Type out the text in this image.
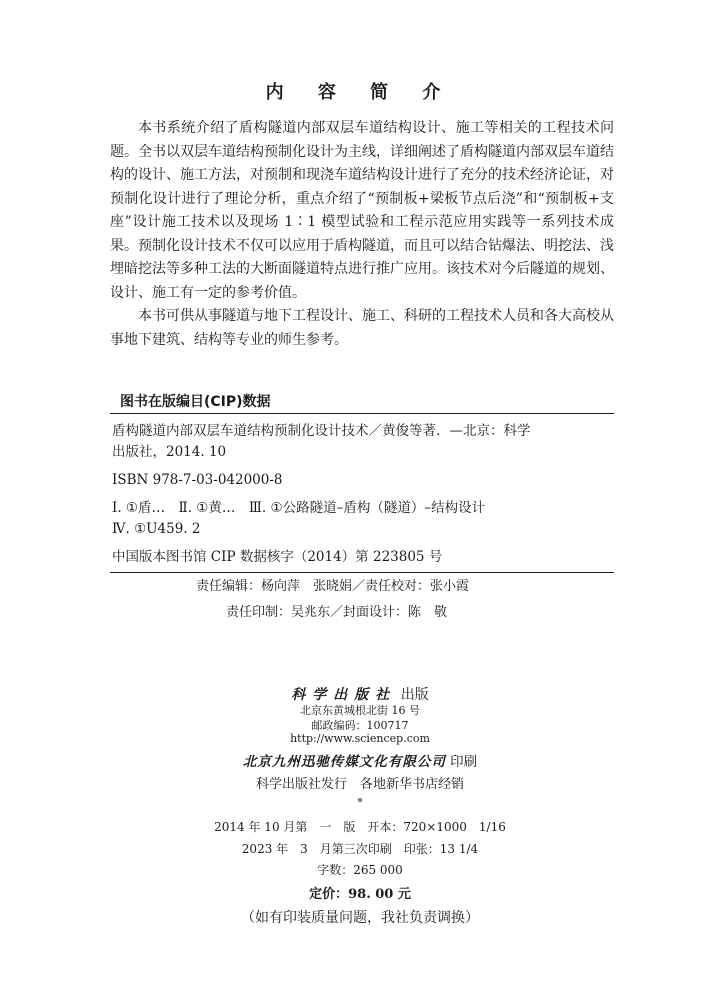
内 容 简 介

本书系统介绍了盾构隧道内部双层车道结构设计、施工等相关的工程技术问题。全书以双层车道结构预制化设计为主线，详细阐述了盾构隧道内部双层车道结构的设计、施工方法，对预制和现浇车道结构设计进行了充分的技术经济论证，对预制化设计进行了理论分析，重点介绍了“预制板+梁板节点后浇”和“预制板+支座”设计施工技术以及现场 1∶1 模型试验和工程示范应用实践等一系列技术成果。预制化设计技术不仅可以应用于盾构隧道，而且可以结合钻爆法、明挖法、浅埋暗挖法等多种工法的大断面隧道特点进行推广应用。该技术对今后隧道的规划、设计、施工有一定的参考价值。

本书可供从事隧道与地下工程设计、施工、科研的工程技术人员和各大高校从事地下建筑、结构等专业的师生参考。

图书在版编目(CIP)数据

盾构隧道内部双层车道结构预制化设计技术／黄俊等著．—北京：科学

出版社，2014. 10

ISBN 978-7-03-042000-8

Ⅰ. ①盾…　Ⅱ. ①黄…　Ⅲ. ①公路隧道–盾构（隧道）–结构设计

Ⅳ. ①U459. 2

中国版本图书馆 CIP 数据核字（2014）第 223805 号

责任编辑：杨向萍　张晓娟／责任校对：张小霞
责任印制：吴兆东／封面设计：陈　敬
科学出版社 出版
北京东黄城根北街 16 号
邮政编码：100717
http://www.sciencep.com
北京九州迅驰传媒文化有限公司 印刷
科学出版社发行　各地新华书店经销
*
2014 年 10 月第　一　版　开本：720×1000　1/16
2023 年　3　月第三次印刷　印张：13 1/4
字数：265 000
定价：98. 00 元
（如有印装质量问题，我社负责调换）
